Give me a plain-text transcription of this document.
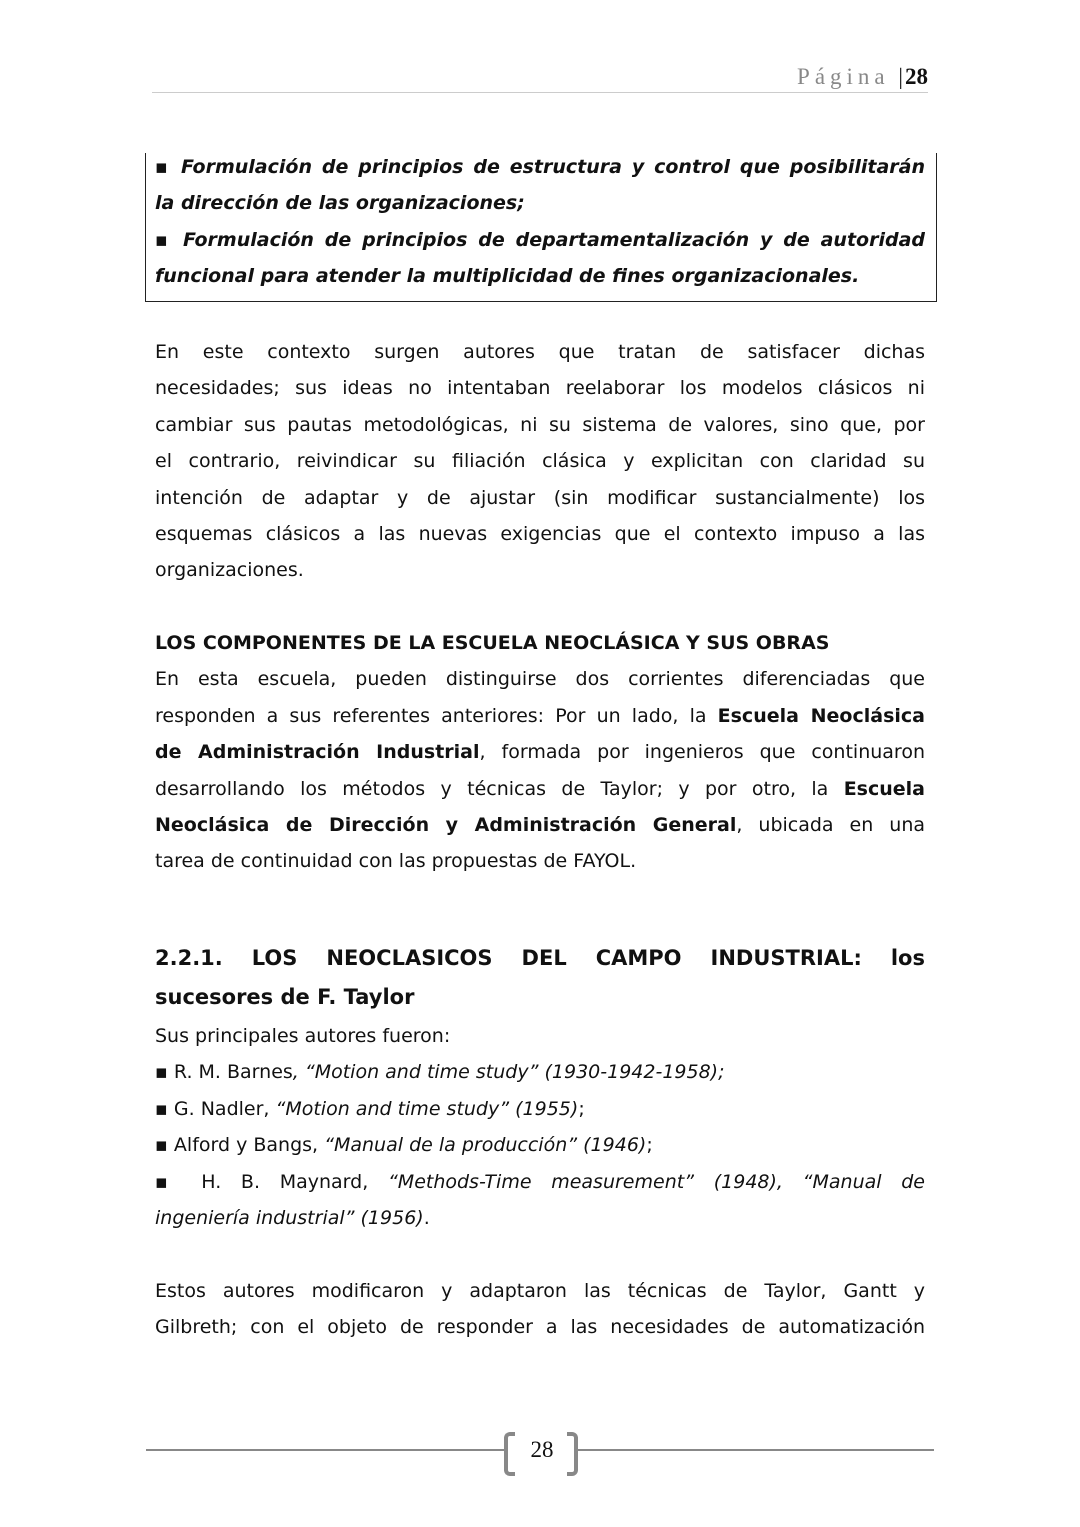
Página |28
▪ Formulación de principios de estructura y control que posibilitarán
la dirección de las organizaciones;
▪ Formulación de principios de departamentalización y de autoridad
funcional para atender la multiplicidad de fines organizacionales.
En este contexto surgen autores que tratan de satisfacer dichas
necesidades; sus ideas no intentaban reelaborar los modelos clásicos ni
cambiar sus pautas metodológicas, ni su sistema de valores, sino que, por
el contrario, reivindicar su filiación clásica y explicitan con claridad su
intención de adaptar y de ajustar (sin modificar sustancialmente) los
esquemas clásicos a las nuevas exigencias que el contexto impuso a las
organizaciones.
LOS COMPONENTES DE LA ESCUELA NEOCLÁSICA Y SUS OBRAS
En esta escuela, pueden distinguirse dos corrientes diferenciadas que
responden a sus referentes anteriores: Por un lado, la Escuela Neoclásica
de Administración Industrial, formada por ingenieros que continuaron
desarrollando los métodos y técnicas de Taylor; y por otro, la Escuela
Neoclásica de Dirección y Administración General, ubicada en una
tarea de continuidad con las propuestas de FAYOL.
2.2.1. LOS NEOCLASICOS DEL CAMPO INDUSTRIAL: los
sucesores de F. Taylor
Sus principales autores fueron:
▪ R. M. Barnes, “Motion and time study” (1930-1942-1958);
▪ G. Nadler, “Motion and time study” (1955);
▪ Alford y Bangs, “Manual de la producción” (1946);
▪ H. B. Maynard, “Methods-Time measurement” (1948), “Manual de
ingeniería industrial” (1956).
Estos autores modificaron y adaptaron las técnicas de Taylor, Gantt y
Gilbreth; con el objeto de responder a las necesidades de automatización
28
